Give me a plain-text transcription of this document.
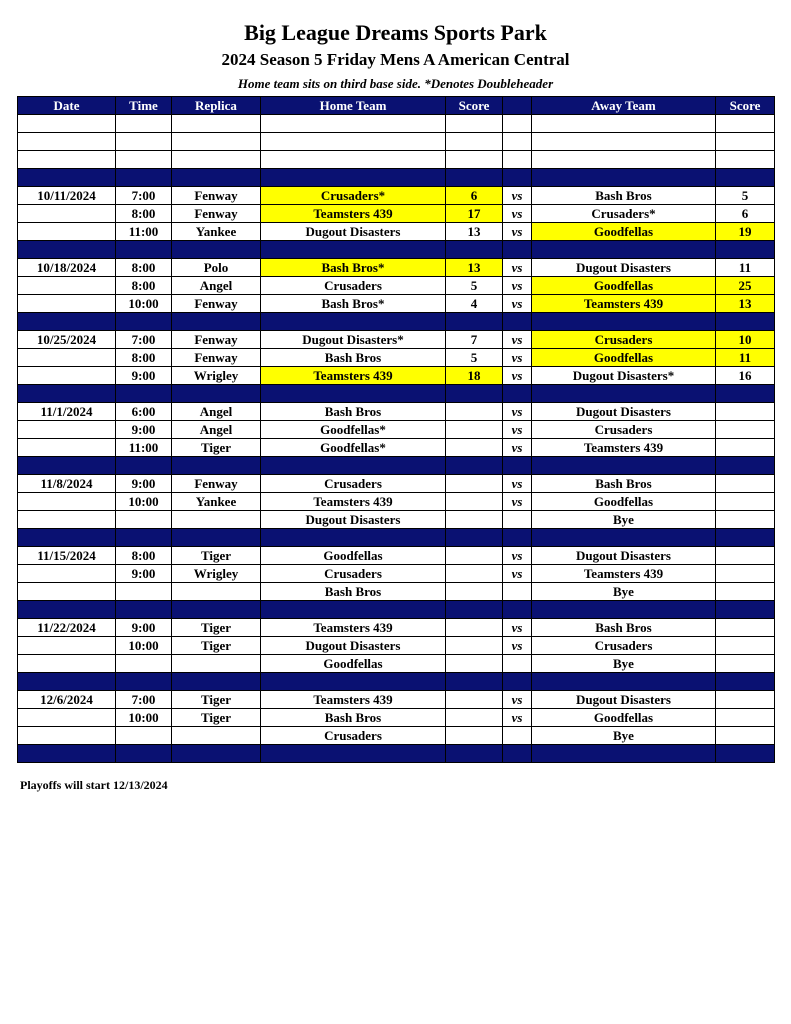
Big League Dreams Sports Park
2024 Season 5 Friday Mens A American Central
Home team sits on third base side. *Denotes Doubleheader
Date	Time	Replica	Home Team	Score		Away Team	Score

10/11/2024	7:00	Fenway	Crusaders*	6	vs	Bash Bros	5
	8:00	Fenway	Teamsters 439	17	vs	Crusaders*	6
	11:00	Yankee	Dugout Disasters	13	vs	Goodfellas	19

10/18/2024	8:00	Polo	Bash Bros*	13	vs	Dugout Disasters	11
	8:00	Angel	Crusaders	5	vs	Goodfellas	25
	10:00	Fenway	Bash Bros*	4	vs	Teamsters 439	13

10/25/2024	7:00	Fenway	Dugout Disasters*	7	vs	Crusaders	10
	8:00	Fenway	Bash Bros	5	vs	Goodfellas	11
	9:00	Wrigley	Teamsters 439	18	vs	Dugout Disasters*	16

11/1/2024	6:00	Angel	Bash Bros		vs	Dugout Disasters	
	9:00	Angel	Goodfellas*		vs	Crusaders	
	11:00	Tiger	Goodfellas*		vs	Teamsters 439	

11/8/2024	9:00	Fenway	Crusaders		vs	Bash Bros	
	10:00	Yankee	Teamsters 439		vs	Goodfellas	
			Dugout Disasters			Bye	

11/15/2024	8:00	Tiger	Goodfellas		vs	Dugout Disasters	
	9:00	Wrigley	Crusaders		vs	Teamsters 439	
			Bash Bros			Bye	

11/22/2024	9:00	Tiger	Teamsters 439		vs	Bash Bros	
	10:00	Tiger	Dugout Disasters		vs	Crusaders	
			Goodfellas			Bye	

12/6/2024	7:00	Tiger	Teamsters 439		vs	Dugout Disasters	
	10:00	Tiger	Bash Bros		vs	Goodfellas	
			Crusaders			Bye	

Playoffs will start 12/13/2024
